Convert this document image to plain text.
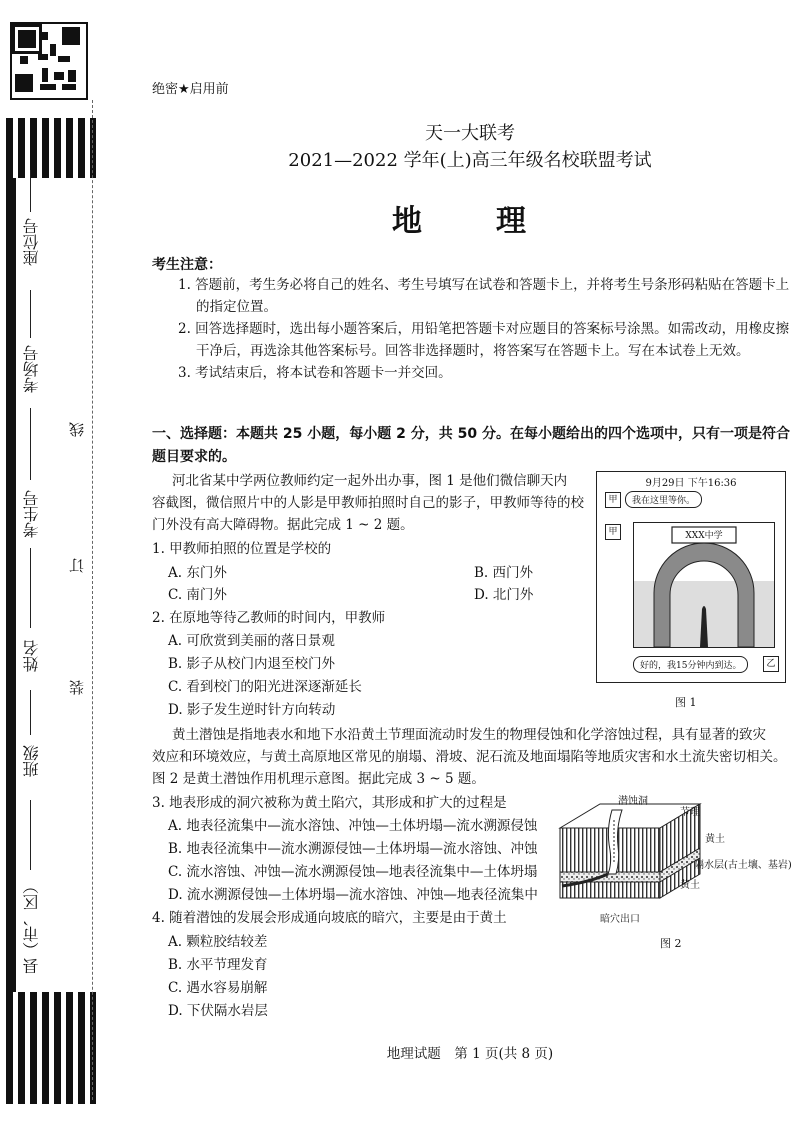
座位号
考场号
考生号
姓名
班级
县（市、区）
线
订
装
绝密★启用前
天一大联考
2021—2022 学年(上)高三年级名校联盟考试
地　理
考生注意：
1. 答题前，考生务必将自己的姓名、考生号填写在试卷和答题卡上，并将考生号条形码粘贴在答题卡上
的指定位置。
2. 回答选择题时，选出每小题答案后，用铅笔把答题卡对应题目的答案标号涂黑。如需改动，用橡皮擦
干净后，再选涂其他答案标号。回答非选择题时，将答案写在答题卡上。写在本试卷上无效。
3. 考试结束后，将本试卷和答题卡一并交回。
一、选择题：本题共 25 小题，每小题 2 分，共 50 分。在每小题给出的四个选项中，只有一项是符合题目要求的。
河北省某中学两位教师约定一起外出办事，图 1 是他们微信聊天内
容截图，微信照片中的人影是甲教师拍照时自己的影子，甲教师等待的校
门外没有高大障碍物。据此完成 1 ~ 2 题。
1. 甲教师拍照的位置是学校的
A. 东门外	B. 西门外
C. 南门外	D. 北门外
2. 在原地等待乙教师的时间内，甲教师
A. 可欣赏到美丽的落日景观
B. 影子从校门内退至校门外
C. 看到校门的阳光进深逐渐延长
D. 影子发生逆时针方向转动
9月29日 下午16:36
甲	我在这里等你。
甲	XXX中学
好的，我15分钟内到达。	乙
图 1
黄土潜蚀是指地表水和地下水沿黄土节理面流动时发生的物理侵蚀和化学溶蚀过程，具有显著的致灾
效应和环境效应，与黄土高原地区常见的崩塌、滑坡、泥石流及地面塌陷等地质灾害和水土流失密切相关。
图 2 是黄土潜蚀作用机理示意图。据此完成 3 ~ 5 题。
3. 地表形成的洞穴被称为黄土陷穴，其形成和扩大的过程是
A. 地表径流集中—流水溶蚀、冲蚀—土体坍塌—流水溯源侵蚀
B. 地表径流集中—流水溯源侵蚀—土体坍塌—流水溶蚀、冲蚀
C. 流水溶蚀、冲蚀—流水溯源侵蚀—地表径流集中—土体坍塌
D. 流水溯源侵蚀—土体坍塌—流水溶蚀、冲蚀—地表径流集中
4. 随着潜蚀的发展会形成通向坡底的暗穴，主要是由于黄土
A. 颗粒胶结较差
B. 水平节理发育
C. 遇水容易崩解
D. 下伏隔水岩层
潜蚀洞
节理
黄土
隔水层(古土壤、基岩)
黄土
暗穴出口
图 2
地理试题　第 1 页(共 8 页)
